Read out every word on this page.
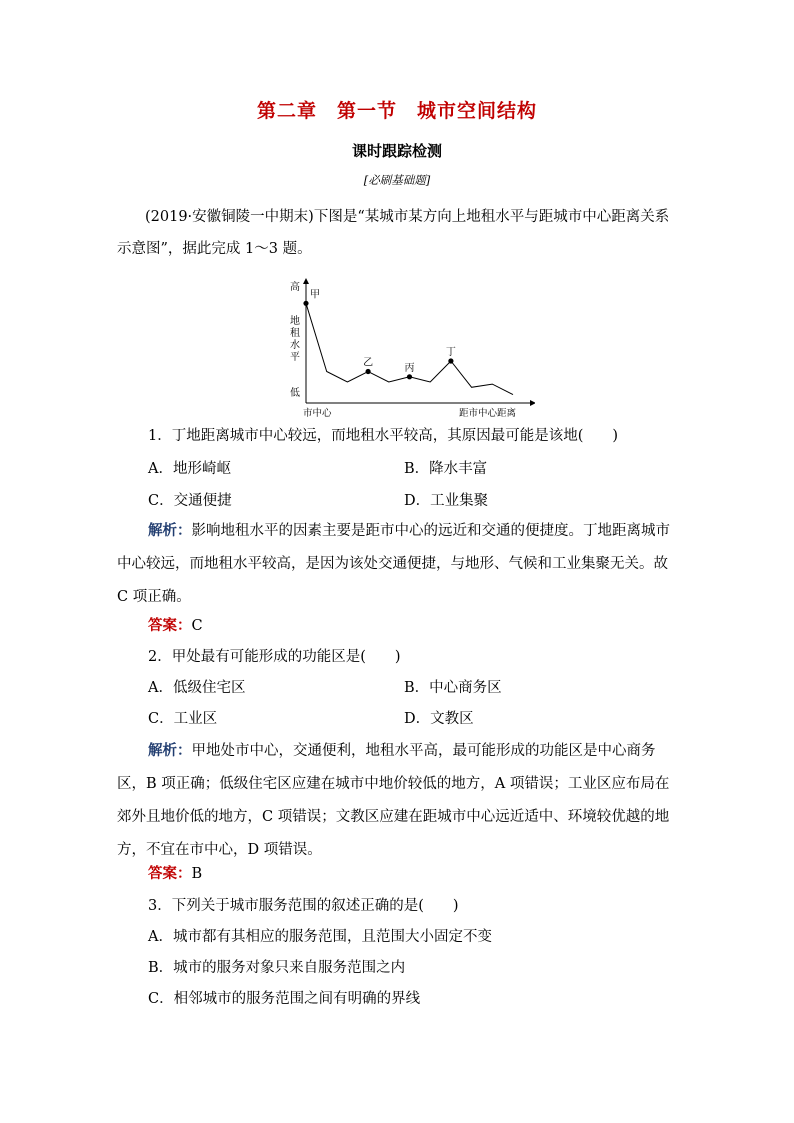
第二章 第一节 城市空间结构
课时跟踪检测
[必刷基础题]
(2019·安徽铜陵一中期末)下图是“某城市某方向上地租水平与距城市中心距离关系示意图”，据此完成 1～3 题。
高
地
租
水
平
低
市中心	距市中心距离
甲
乙	丙
丁
1．丁地距离城市中心较远，而地租水平较高，其原因最可能是该地(　　)
A．地形崎岖	B．降水丰富
C．交通便捷	D．工业集聚
解析：影响地租水平的因素主要是距市中心的远近和交通的便捷度。丁地距离城市中心较远，而地租水平较高，是因为该处交通便捷，与地形、气候和工业集聚无关。故 C 项正确。
答案：C
2．甲处最有可能形成的功能区是(　　)
A．低级住宅区	B．中心商务区
C．工业区	D．文教区
解析：甲地处市中心，交通便利，地租水平高，最可能形成的功能区是中心商务区，B 项正确；低级住宅区应建在城市中地价较低的地方，A 项错误；工业区应布局在郊外且地价低的地方，C 项错误；文教区应建在距城市中心远近适中、环境较优越的地方，不宜在市中心，D 项错误。
答案：B
3．下列关于城市服务范围的叙述正确的是(　　)
A．城市都有其相应的服务范围，且范围大小固定不变
B．城市的服务对象只来自服务范围之内
C．相邻城市的服务范围之间有明确的界线
